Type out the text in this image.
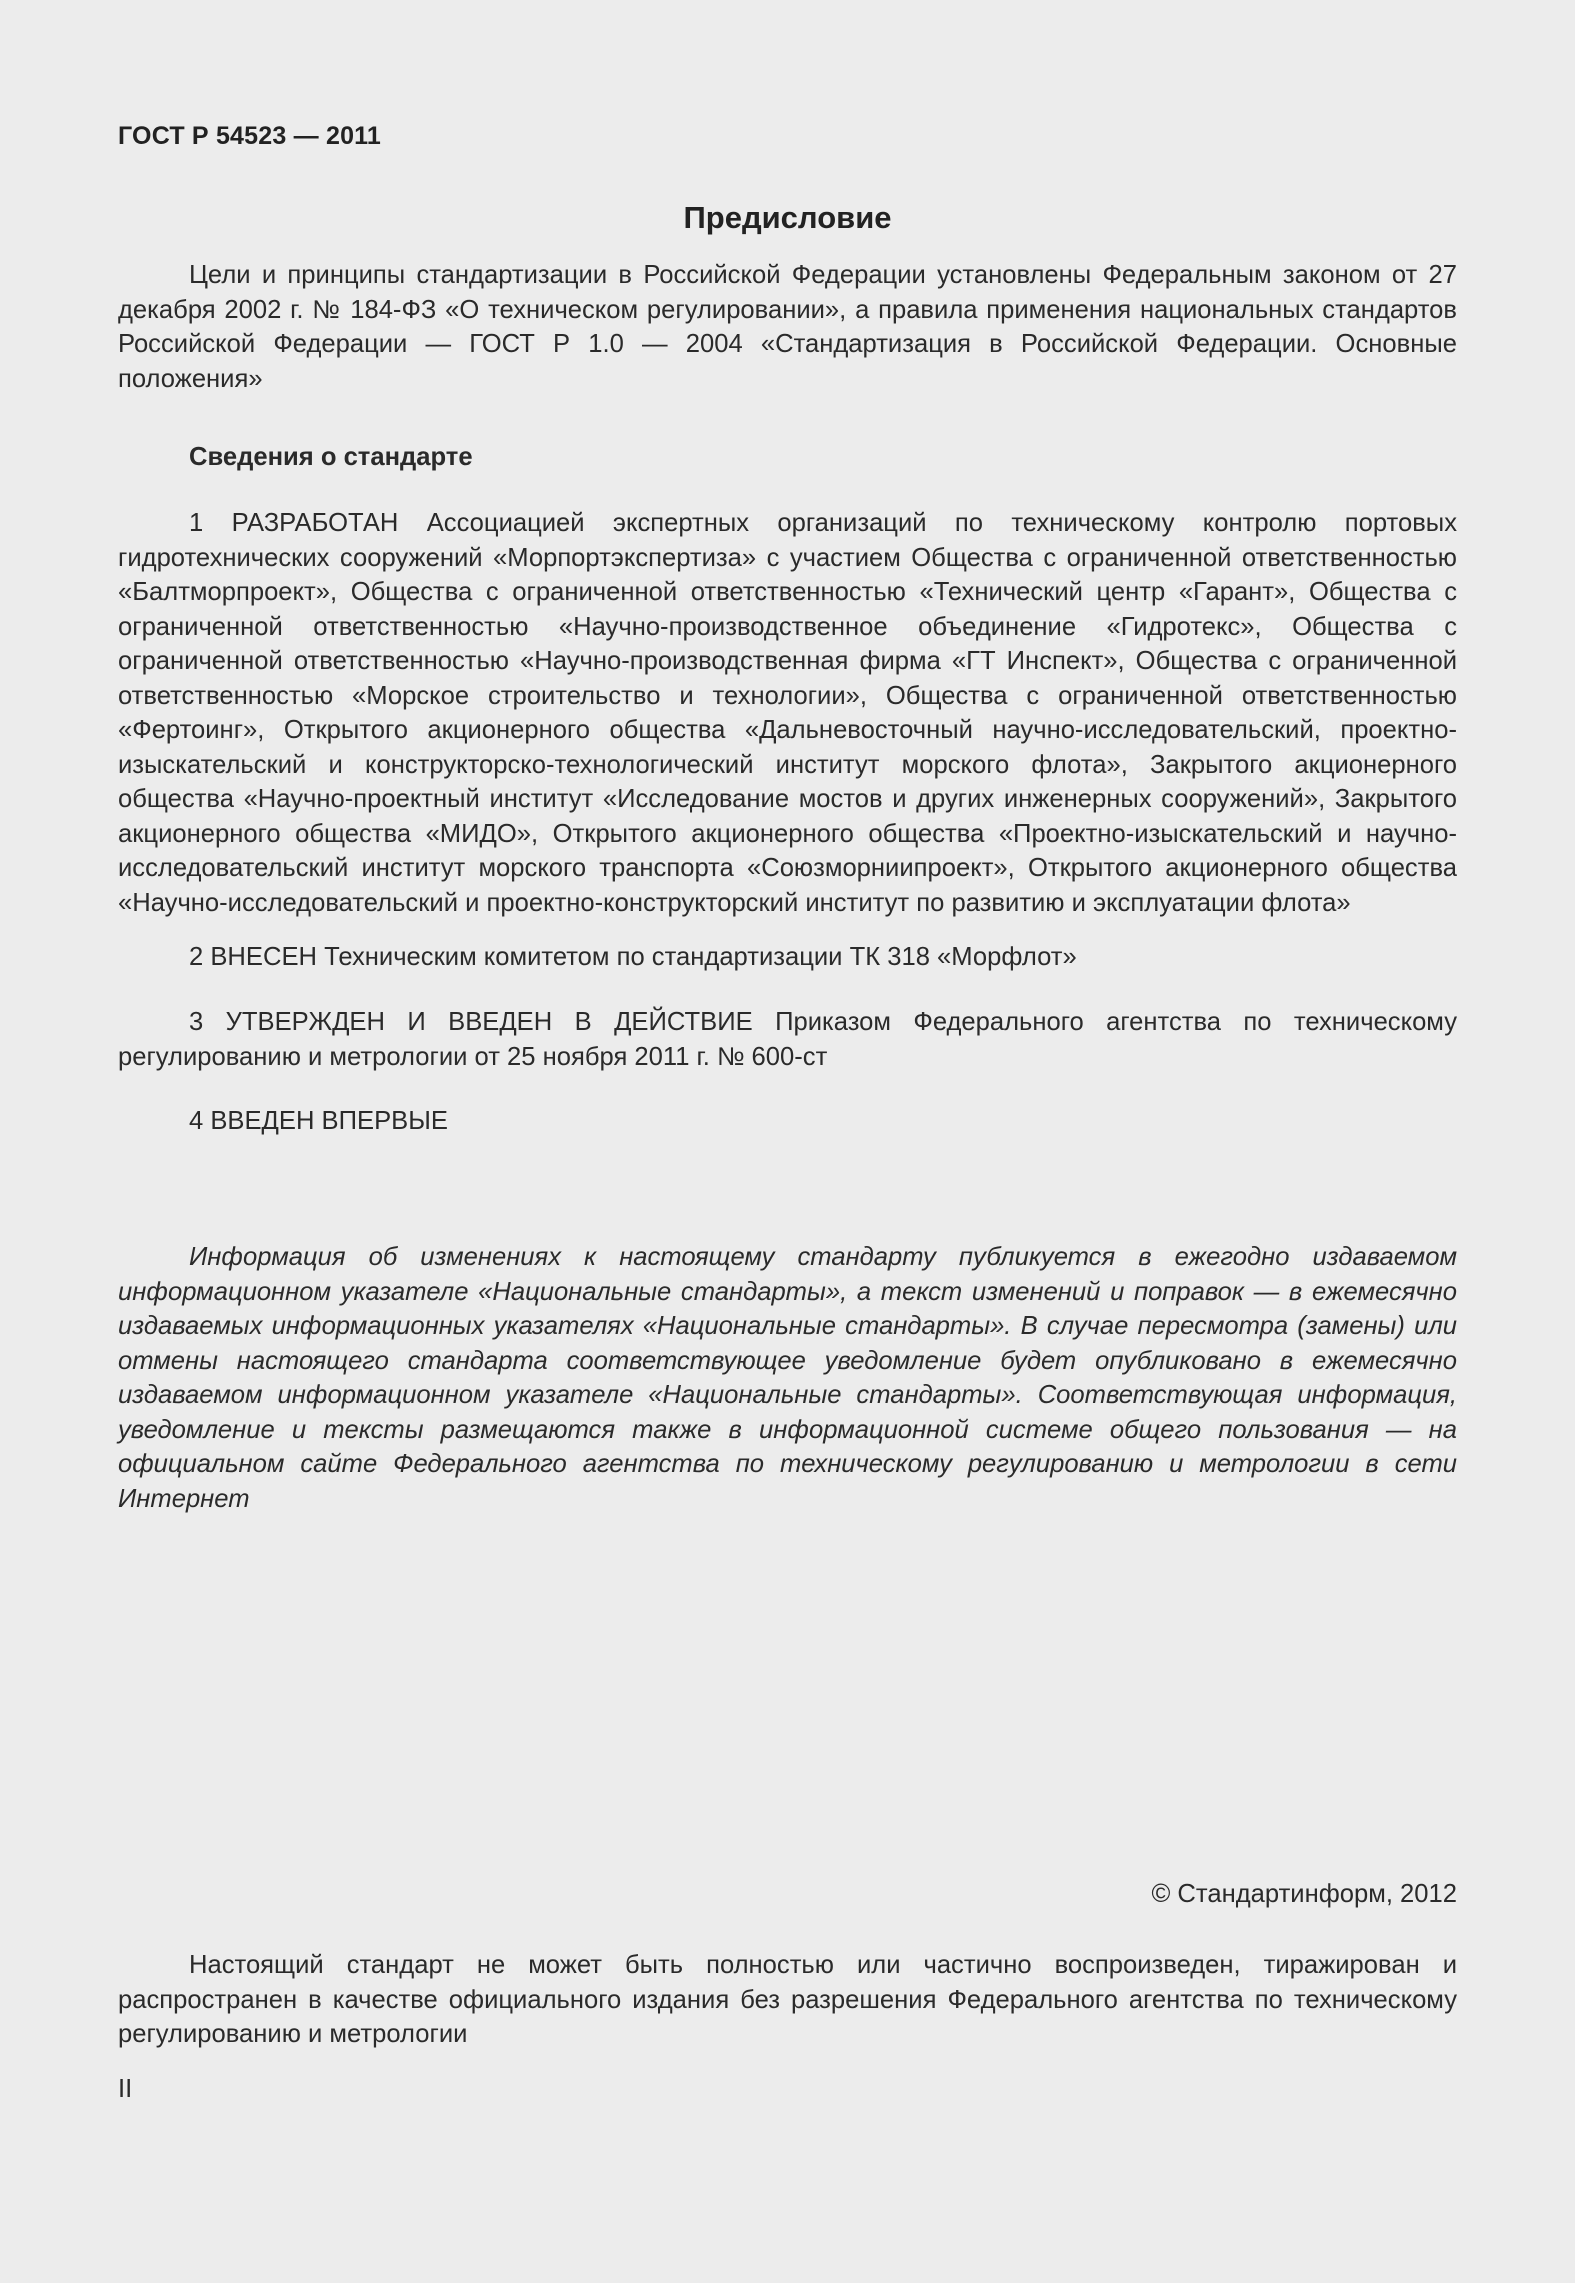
ГОСТ Р 54523 — 2011
Предисловие

Цели и принципы стандартизации в Российской Федерации установлены Федеральным законом от 27 декабря 2002 г. № 184-ФЗ «О техническом регулировании», а правила применения национальных стандартов Российской Федерации — ГОСТ Р 1.0 — 2004 «Стандартизация в Российской Федерации. Основные положения»

Сведения о стандарте

1 РАЗРАБОТАН Ассоциацией экспертных организаций по техническому контролю портовых гидротехнических сооружений «Морпортэкспертиза» с участием Общества с ограниченной ответственностью «Балтморпроект», Общества с ограниченной ответственностью «Технический центр «Гарант», Общества с ограниченной ответственностью «Научно-производственное объединение «Гидротекс», Общества с ограниченной ответственностью «Научно-производственная фирма «ГТ Инспект», Общества с ограниченной ответственностью «Морское строительство и технологии», Общества с ограниченной ответственностью «Фертоинг», Открытого акционерного общества «Дальневосточный научно-исследовательский, проектно-изыскательский и конструкторско-технологический институт морского флота», Закрытого акционерного общества «Научно-проектный институт «Исследование мостов и других инженерных сооружений», Закрытого акционерного общества «МИДО», Открытого акционерного общества «Проектно-изыскательский и научно-исследовательский институт морского транспорта «Союзморниипроект», Открытого акционерного общества «Научно-исследовательский и проектно-конструкторский институт по развитию и эксплуатации флота»

2 ВНЕСЕН Техническим комитетом по стандартизации ТК 318 «Морфлот»

3 УТВЕРЖДЕН И ВВЕДЕН В ДЕЙСТВИЕ Приказом Федерального агентства по техническому регулированию и метрологии от 25 ноября 2011 г. № 600-ст

4 ВВЕДЕН ВПЕРВЫЕ

Информация об изменениях к настоящему стандарту публикуется в ежегодно издаваемом информационном указателе «Национальные стандарты», а текст изменений и поправок — в ежемесячно издаваемых информационных указателях «Национальные стандарты». В случае пересмотра (замены) или отмены настоящего стандарта соответствующее уведомление будет опубликовано в ежемесячно издаваемом информационном указателе «Национальные стандарты». Соответствующая информация, уведомление и тексты размещаются также в информационной системе общего пользования — на официальном сайте Федерального агентства по техническому регулированию и метрологии в сети Интернет

© Стандартинформ, 2012

Настоящий стандарт не может быть полностью или частично воспроизведен, тиражирован и распространен в качестве официального издания без разрешения Федерального агентства по техническому регулированию и метрологии

II
